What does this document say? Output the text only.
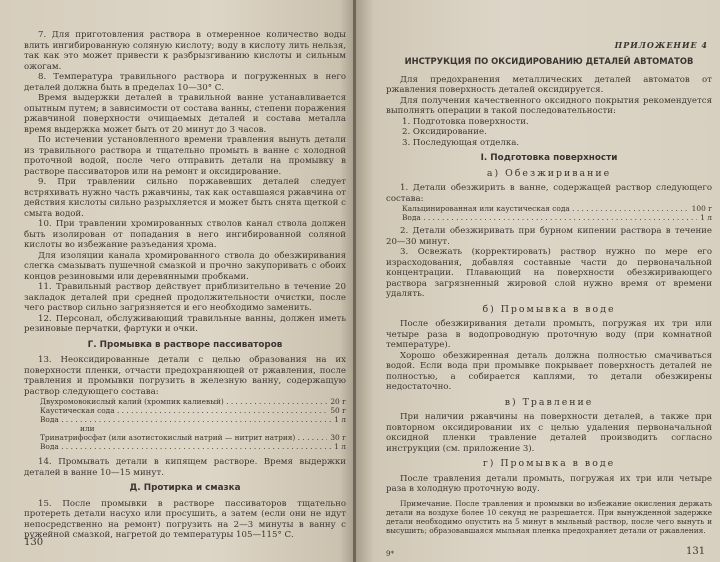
7. Для приготовления раствора в отмеренное количество воды влить ингибированную соляную кислоту; воду в кислоту лить нельзя, так как это может привести к разбрызгиванию кислоты и сильным ожогам.

8. Температура травильного раствора и погруженных в него деталей должна быть в пределах 10—30° С.

Время выдержки деталей в травильной ванне устанавливается опытным путем; в зависимости от состава ванны, степени поражения ржавчиной поверхности очищаемых деталей и состава металла время выдержка может быть от 20 минут до 3 часов.

По истечении установленного времени травления вынуть детали из травильного раствора и тщательно промыть в ванне с холодной проточной водой, после чего отправить детали на промывку в растворе пассиваторов или на ремонт и оксидирование.

9. При травлении сильно поржавевших деталей следует встряхивать нужно часть ржавчины, так как оставшаяся ржавчина от действия кислоты сильно разрыхляется и может быть снята щеткой с смыта водой.

10. При травлении хромированных стволов канал ствола должен быть изолирован от попадания в него ингибированной соляной кислоты во избежание разъедания хрома.

Для изоляции канала хромированного ствола до обезжиривания слегка смазывать пушечной смазкой и прочно закупоривать с обоих концов резиновыми или деревянными пробками.

11. Травильный раствор действует приблизительно в течение 20 закладок деталей при средней продолжительности очистки, после чего раствор сильно загрязняется и его необходимо заменить.

12. Персонал, обслуживающий травильные ванны, должен иметь резиновые перчатки, фартуки и очки.

Г. Промывка в растворе пассиваторов

13. Неокcидированные детали с целью образования на их поверхности пленки, отчасти предохраняющей от ржавления, после травления и промывки погрузить в железную ванну, содержащую раствор следующего состава:

Двухромовокислый калий (хромпик калиевый) . . .	20 г
Каустическая сода . . .	50 г
Вода . . .	1 л
или
Тринатрифосфат (или азотистокислый натрий — нитрит натрия) . . .	30 г
Вода . . .	1 л

14. Промывать детали в кипящем растворе. Время выдержки деталей в ванне 10—15 минут.

Д. Протирка и смазка

15. После промывки в растворе пассиваторов тщательно протереть детали насухо или просушить, а затем (если они не идут непосредственно на ремонт) погрузить на 2—3 минуты в ванну с ружейной смазкой, нагретой до температуры 105—115° С.

130
ПРИЛОЖЕНИЕ 4
ИНСТРУКЦИЯ ПО ОКСИДИРОВАНИЮ ДЕТАЛЕЙ АВТОМАТОВ

Для предохранения металлических деталей автоматов от ржавления поверхность деталей оксидируется.

Для получения качественного оксидного покрытия рекомендуется выполнять операции в такой последовательности:

1. Подготовка поверхности.
2. Оксидирование.
3. Последующая отделка.
I. Подготовка поверхности
а) Обезжиривание

1. Детали обезжирить в ванне, содержащей раствор следующего состава:

Кальцинированная или каустическая сода . . .	100 г
Вода . . .	1 л

2. Детали обезжиривать при бурном кипении раствора в течение 20—30 минут.

3. Освежать (корректировать) раствор нужно по мере его израсходования, добавляя составные части до первоначальной концентрации. Плавающий на поверхности обезжиривающего раствора загрязненный жировой слой нужно время от времени удалять.

б) Промывка в воде

После обезжиривания детали промыть, погружая их три или четыре раза в водопроводную проточную воду (при комнатной температуре).

Хорошо обезжиренная деталь должна полностью смачиваться водой. Если вода при промывке покрывает поверхность деталей не полностью, а собирается каплями, то детали обезжирены недостаточно.

в) Травление

При наличии ржавчины на поверхности деталей, а также при повторном оксидировании их с целью удаления первоначальной оксидной пленки травление деталей производить согласно инструкции (см. приложение 3).

г) Промывка в воде

После травления детали промыть, погружая их три или четыре раза в холодную проточную воду.

Примечание. После травления и промывки во избежание окисления держать детали на воздухе более 10 секунд не разрешается. При вынужденной задержке детали необходимо опустить на 5 минут в мыльный раствор, после чего вынуть и высушить; образовавшаяся мыльная пленка предохраняет детали от ржавления.

9*	131
